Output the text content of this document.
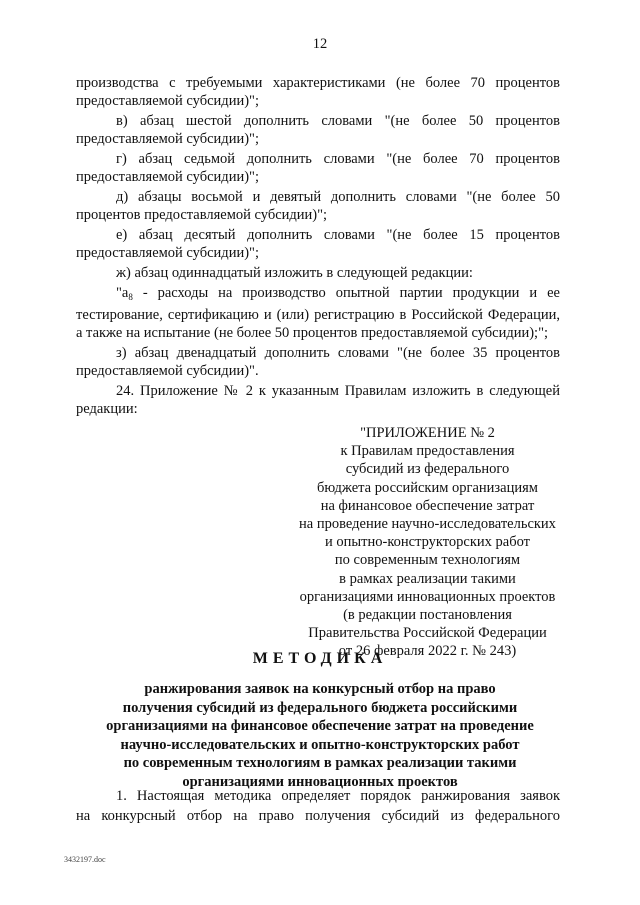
12
производства с требуемыми характеристиками (не более 70 процентов предоставляемой субсидии)";
в) абзац шестой дополнить словами "(не более 50 процентов предоставляемой субсидии)";
г) абзац седьмой дополнить словами "(не более 70 процентов предоставляемой субсидии)";
д) абзацы восьмой и девятый дополнить словами "(не более 50 процентов предоставляемой субсидии)";
е) абзац десятый дополнить словами "(не более 15 процентов предоставляемой субсидии)";
ж) абзац одиннадцатый изложить в следующей редакции:
"$а_8$ - расходы на производство опытной партии продукции и ее тестирование, сертификацию и (или) регистрацию в Российской Федерации, а также на испытание (не более 50 процентов предоставляемой субсидии);";
з) абзац двенадцатый дополнить словами "(не более 35 процентов предоставляемой субсидии)".
24. Приложение № 2 к указанным Правилам изложить в следующей редакции:
"ПРИЛОЖЕНИЕ № 2
к Правилам предоставления
субсидий из федерального
бюджета российским организациям
на финансовое обеспечение затрат
на проведение научно-исследовательских
и опытно-конструкторских работ
по современным технологиям
в рамках реализации такими
организациями инновационных проектов
(в редакции постановления
Правительства Российской Федерации
от 26 февраля 2022 г. № 243)
МЕТОДИКА
ранжирования заявок на конкурсный отбор на право
получения субсидий из федерального бюджета российскими
организациями на финансовое обеспечение затрат на проведение
научно-исследовательских и опытно-конструкторских работ
по современным технологиям в рамках реализации такими
организациями инновационных проектов
1. Настоящая методика определяет порядок ранжирования заявок
на конкурсный отбор на право получения субсидий из федерального
3432197.doc
